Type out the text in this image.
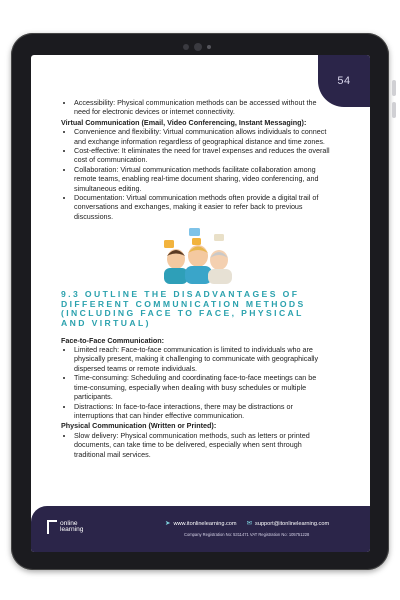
54
• Accessibility: Physical communication methods can be accessed without the need for electronic devices or internet connectivity.
Virtual Communication (Email, Video Conferencing, Instant Messaging):
• Convenience and flexibility: Virtual communication allows individuals to connect and exchange information regardless of geographical distance and time zones.
• Cost-effective: It eliminates the need for travel expenses and reduces the overall cost of communication.
• Collaboration: Virtual communication methods facilitate collaboration among remote teams, enabling real-time document sharing, video conferencing, and simultaneous editing.
• Documentation: Virtual communication methods often provide a digital trail of conversations and exchanges, making it easier to refer back to previous discussions.
9.3 OUTLINE THE DISADVANTAGES OF DIFFERENT COMMUNICATION METHODS (INCLUDING FACE TO FACE, PHYSICAL AND VIRTUAL)
Face-to-Face Communication:
• Limited reach: Face-to-face communication is limited to individuals who are physically present, making it challenging to communicate with geographically dispersed teams or remote individuals.
• Time-consuming: Scheduling and coordinating face-to-face meetings can be time-consuming, especially when dealing with busy schedules or multiple participants.
• Distractions: In face-to-face interactions, there may be distractions or interruptions that can hinder effective communication.
Physical Communication (Written or Printed):
• Slow delivery: Physical communication methods, such as letters or printed documents, can take time to be delivered, especially when sent through traditional mail services.
online
learning
➤ www.itonlinelearning.com ✉ support@itonlinelearning.com
Company Registration No: 5311471 VAT Registration No: 105751228
